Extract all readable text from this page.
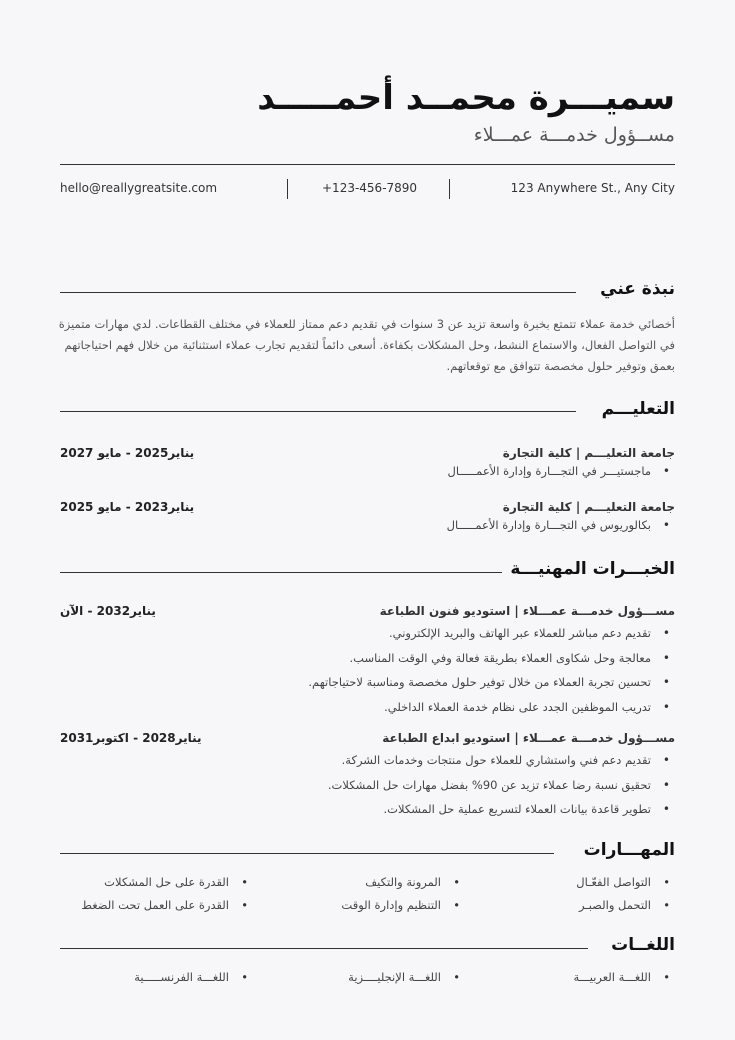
سميـــرة محمــد أحمـــــد
مســؤول خدمـــة عمـــلاء
hello@reallygreatsite.com	+123-456-7890	123 Anywhere St., Any City
نبذة عني
أخصائي خدمة عملاء تتمتع بخبرة واسعة تزيد عن 3 سنوات في تقديم دعم ممتاز للعملاء في مختلف القطاعات. لدي مهارات متميزة في التواصل الفعال، والاستماع النشط، وحل المشكلات بكفاءة. أسعى دائماً لتقديم تجارب عملاء استثنائية من خلال فهم احتياجاتهم بعمق وتوفير حلول مخصصة تتوافق مع توقعاتهم.
التعليـــم
جامعة التعليـــم | كلية التجارة
يناير2025 - مايو 2027
• ماجستيـــر في التجـــارة وإدارة الأعمـــــال
جامعة التعليـــم | كلية التجارة
يناير2023 - مايو 2025
• بكالوريوس في التجـــارة وإدارة الأعمـــــال
الخبـــرات المهنيـــة
مســـؤول خدمـــة عمـــلاء | استوديو فنون الطباعة
يناير2032 - الآن
• تقديم دعم مباشر للعملاء عبر الهاتف والبريد الإلكتروني.
• معالجة وحل شكاوى العملاء بطريقة فعالة وفي الوقت المناسب.
• تحسين تجربة العملاء من خلال توفير حلول مخصصة ومناسبة لاحتياجاتهم.
• تدريب الموظفين الجدد على نظام خدمة العملاء الداخلي.
مســـؤول خدمـــة عمـــلاء | استوديو ابداع الطباعة
يناير2028 - اكتوبر2031
• تقديم دعم فني واستشاري للعملاء حول منتجات وخدمات الشركة.
• تحقيق نسبة رضا عملاء تزيد عن 90% بفضل مهارات حل المشكلات.
• تطوير قاعدة بيانات العملاء لتسريع عملية حل المشكلات.
المهـــارات
• التواصل الفعّـال
• المرونة والتكيف
• القدرة على حل المشكلات
• التحمل والصبـر
• التنظيم وإدارة الوقت
• القدرة على العمل تحت الضغط
اللغــات
• اللغـــة العربيـــة
• اللغـــة الإنجليــــزية
• اللغـــة الفرنســـــية
